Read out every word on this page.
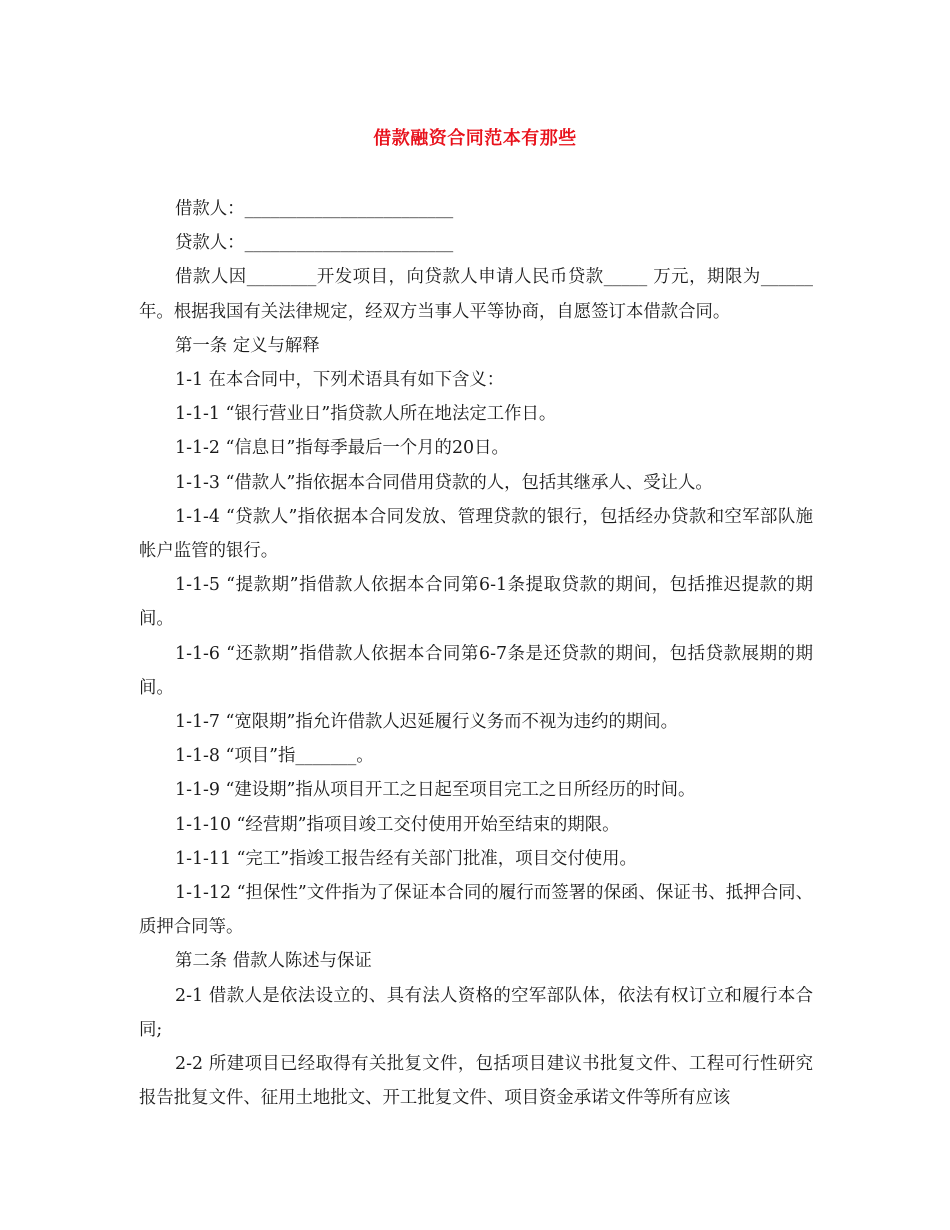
借款融资合同范本有那些

借款人：________________________

贷款人：________________________

借款人因________开发项目，向贷款人申请人民币贷款_____ 万元，期限为______年。根据我国有关法律规定，经双方当事人平等协商，自愿签订本借款合同。

第一条 定义与解释

1-1 在本合同中，下列术语具有如下含义：

1-1-1 “银行营业日”指贷款人所在地法定工作日。

1-1-2 “信息日”指每季最后一个月的20日。

1-1-3 “借款人”指依据本合同借用贷款的人，包括其继承人、受让人。

1-1-4 “贷款人”指依据本合同发放、管理贷款的银行，包括经办贷款和空军部队施帐户监管的银行。

1-1-5 “提款期”指借款人依据本合同第6-1条提取贷款的期间，包括推迟提款的期间。

1-1-6 “还款期”指借款人依据本合同第6-7条是还贷款的期间，包括贷款展期的期间。

1-1-7 “宽限期”指允许借款人迟延履行义务而不视为违约的期间。

1-1-8 “项目”指_______。

1-1-9 “建设期”指从项目开工之日起至项目完工之日所经历的时间。

1-1-10 “经营期”指项目竣工交付使用开始至结束的期限。

1-1-11 “完工”指竣工报告经有关部门批准，项目交付使用。

1-1-12 “担保性”文件指为了保证本合同的履行而签署的保函、保证书、抵押合同、质押合同等。

第二条 借款人陈述与保证

2-1 借款人是依法设立的、具有法人资格的空军部队体，依法有权订立和履行本合同;

2-2 所建项目已经取得有关批复文件，包括项目建议书批复文件、工程可行性研究报告批复文件、征用土地批文、开工批复文件、项目资金承诺文件等所有应该
